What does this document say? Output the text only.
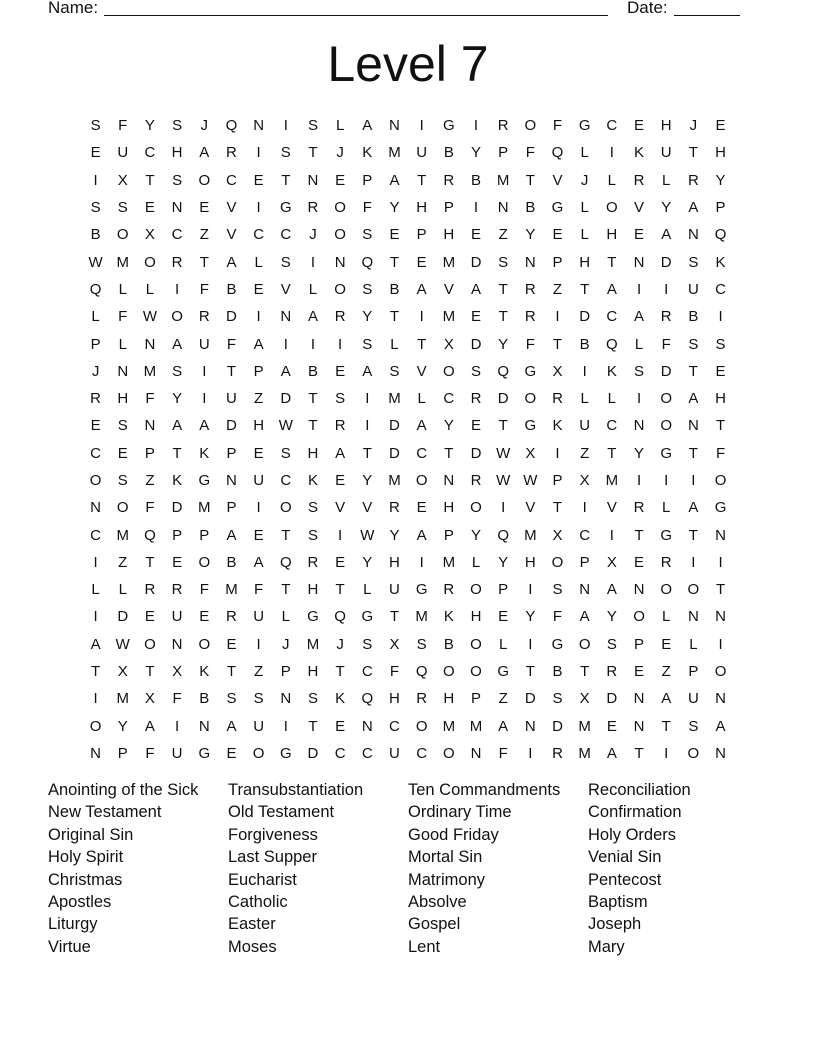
Name:	Date:
Level 7
S	F	Y	S	J	Q	N	I	S	L	A	N	I	G	I	R	O	F	G	C	E	H	J	E
E	U	C	H	A	R	I	S	T	J	K	M	U	B	Y	P	F	Q	L	I	K	U	T	H
I	X	T	S	O	C	E	T	N	E	P	A	T	R	B	M	T	V	J	L	R	L	R	Y
S	S	E	N	E	V	I	G	R	O	F	Y	H	P	I	N	B	G	L	O	V	Y	A	P
B	O	X	C	Z	V	C	C	J	O	S	E	P	H	E	Z	Y	E	L	H	E	A	N	Q
W M	O	R	T	A	L	S	I	N	Q	T	E	M	D	S	N	P	H	T	N	D	S	K
Q	L	L	I	F	B	E	V	L	O	S	B	A	V	A	T	R	Z	T	A	I	I	U	C
L	F	W O	R	D	I	N	A	R	Y	T	I	M	E	T	R	I	D	C	A	R	B	I
P	L	N	A	U	F	A	I	I	I	S	L	T	X	D	Y	F	T	B	Q	L	F	S	S
J	N	M	S	I	T	P	A	B	E	A	S	V	O	S	Q	G	X	I	K	S	D	T	E
R	H	F	Y	I	U	Z	D	T	S	I	M	L	C	R	D	O	R	L	L	I	O	A	H
E	S	N	A	A	D	H W	T	R	I	D	A	Y	E	T	G	K	U	C	N	O	N	T
C	E	P	T	K	P	E	S	H	A	T	D	C	T	D W	X	I	Z	T	Y	G	T	F
O	S	Z	K	G	N	U	C	K	E	Y	M	O	N	R W W	P	X	M	I	I	I	O
N	O	F	D	M	P	I	O	S	V	V	R	E	H	O	I	V	T	I	V	R	L	A	G
C	M	Q	P	P	A	E	T	S	I	W	Y	A	P	Y	Q	M	X	C	I	T	G	T	N
I	Z	T	E	O	B	A	Q	R	E	Y	H	I	M	L	Y	H	O	P	X	E	R	I	I
L	L	R	R	F	M	F	T	H	T	L	U	G	R	O	P	I	S	N	A	N	O	O	T
I	D	E	U	E	R	U	L	G	Q	G	T	M	K	H	E	Y	F	A	Y	O	L	N	N
A	W O	N	O	E	I	J	M	J	S	X	S	B	O	L	I	G	O	S	P	E	L	I
T	X	T	X	K	T	Z	P	H	T	C	F	Q	O	O	G	T	B	T	R	E	Z	P	O
I	M	X	F	B	S	S	N	S	K	Q	H	R	H	P	Z	D	S	X	D	N	A	U	N
O	Y	A	I	N	A	U	I	T	E	N	C	O	M M	A	N	D	M	E	N	T	S	A
N	P	F	U	G	E	O	G	D	C	C	U	C	O	N	F	I	R	M	A	T	I	O	N
Anointing of the Sick
New Testament
Original Sin
Holy Spirit
Christmas
Apostles
Liturgy
Virtue
Transubstantiation
Old Testament
Forgiveness
Last Supper
Eucharist
Catholic
Easter
Moses
Ten Commandments
Ordinary Time
Good Friday
Mortal Sin
Matrimony
Absolve
Gospel
Lent
Reconciliation
Confirmation
Holy Orders
Venial Sin
Pentecost
Baptism
Joseph
Mary
